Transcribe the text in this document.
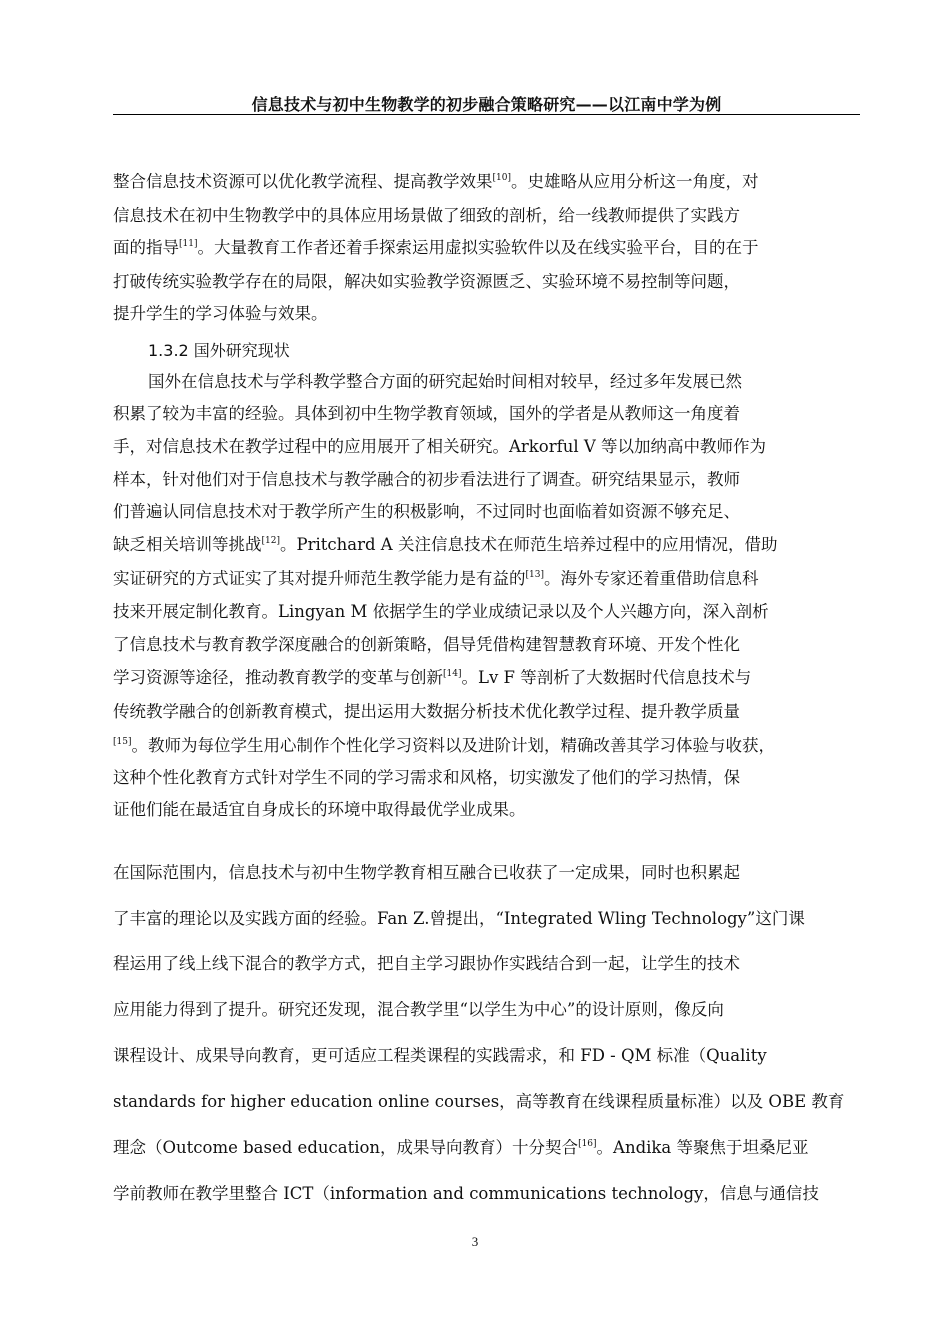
信息技术与初中生物教学的初步融合策略研究——以江南中学为例
整合信息技术资源可以优化教学流程、提高教学效果[10]。史雄略从应用分析这一角度，对
信息技术在初中生物教学中的具体应用场景做了细致的剖析，给一线教师提供了实践方
面的指导[11]。大量教育工作者还着手探索运用虚拟实验软件以及在线实验平台，目的在于
打破传统实验教学存在的局限，解决如实验教学资源匮乏、实验环境不易控制等问题，
提升学生的学习体验与效果。
1.3.2 国外研究现状
国外在信息技术与学科教学整合方面的研究起始时间相对较早，经过多年发展已然
积累了较为丰富的经验。具体到初中生物学教育领域，国外的学者是从教师这一角度着
手，对信息技术在教学过程中的应用展开了相关研究。Arkorful V 等以加纳高中教师作为
样本，针对他们对于信息技术与教学融合的初步看法进行了调查。研究结果显示，教师
们普遍认同信息技术对于教学所产生的积极影响，不过同时也面临着如资源不够充足、
缺乏相关培训等挑战[12]。Pritchard A 关注信息技术在师范生培养过程中的应用情况，借助
实证研究的方式证实了其对提升师范生教学能力是有益的[13]。海外专家还着重借助信息科
技来开展定制化教育。Lingyan M 依据学生的学业成绩记录以及个人兴趣方向，深入剖析
了信息技术与教育教学深度融合的创新策略，倡导凭借构建智慧教育环境、开发个性化
学习资源等途径，推动教育教学的变革与创新[14]。Lv F 等剖析了大数据时代信息技术与
传统教学融合的创新教育模式，提出运用大数据分析技术优化教学过程、提升教学质量
[15]。教师为每位学生用心制作个性化学习资料以及进阶计划，精确改善其学习体验与收获，
这种个性化教育方式针对学生不同的学习需求和风格，切实激发了他们的学习热情，保
证他们能在最适宜自身成长的环境中取得最优学业成果。
在国际范围内，信息技术与初中生物学教育相互融合已收获了一定成果，同时也积累起
了丰富的理论以及实践方面的经验。Fan Z.曾提出，“Integrated Wling Technology”这门课
程运用了线上线下混合的教学方式，把自主学习跟协作实践结合到一起，让学生的技术
应用能力得到了提升。研究还发现，混合教学里“以学生为中心”的设计原则，像反向
课程设计、成果导向教育，更可适应工程类课程的实践需求，和 FD - QM 标准（Quality
standards for higher education online courses，高等教育在线课程质量标准）以及 OBE 教育
理念（Outcome based education，成果导向教育）十分契合[16]。Andika 等聚焦于坦桑尼亚
学前教师在教学里整合 ICT（information and communications technology，信息与通信技
3
